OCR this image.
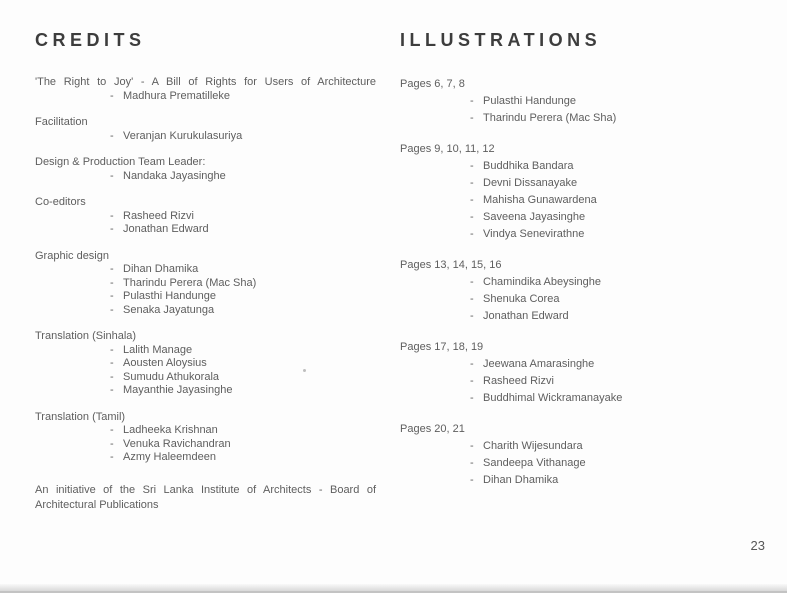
CREDITS
'The Right to Joy' - A Bill of Rights for Users of Architecture
- Madhura Prematilleke
Facilitation
- Veranjan Kurukulasuriya
Design & Production Team Leader:
- Nandaka Jayasinghe
Co-editors
- Rasheed Rizvi
- Jonathan Edward
Graphic design
- Dihan Dhamika
- Tharindu Perera (Mac Sha)
- Pulasthi Handunge
- Senaka Jayatunga
Translation (Sinhala)
- Lalith Manage
- Aousten Aloysius
- Sumudu Athukorala
- Mayanthie Jayasinghe
Translation (Tamil)
- Ladheeka Krishnan
- Venuka Ravichandran
- Azmy Haleemdeen
An initiative of the Sri Lanka Institute of Architects - Board of Architectural Publications
ILLUSTRATIONS
Pages 6, 7, 8
- Pulasthi Handunge
- Tharindu Perera (Mac Sha)
Pages 9, 10, 11, 12
- Buddhika Bandara
- Devni Dissanayake
- Mahisha Gunawardena
- Saveena Jayasinghe
- Vindya Senevirathne
Pages 13, 14, 15, 16
- Chamindika Abeysinghe
- Shenuka Corea
- Jonathan Edward
Pages 17, 18, 19
- Jeewana Amarasinghe
- Rasheed Rizvi
- Buddhimal Wickramanayake
Pages 20, 21
- Charith Wijesundara
- Sandeepa Vithanage
- Dihan Dhamika
23
